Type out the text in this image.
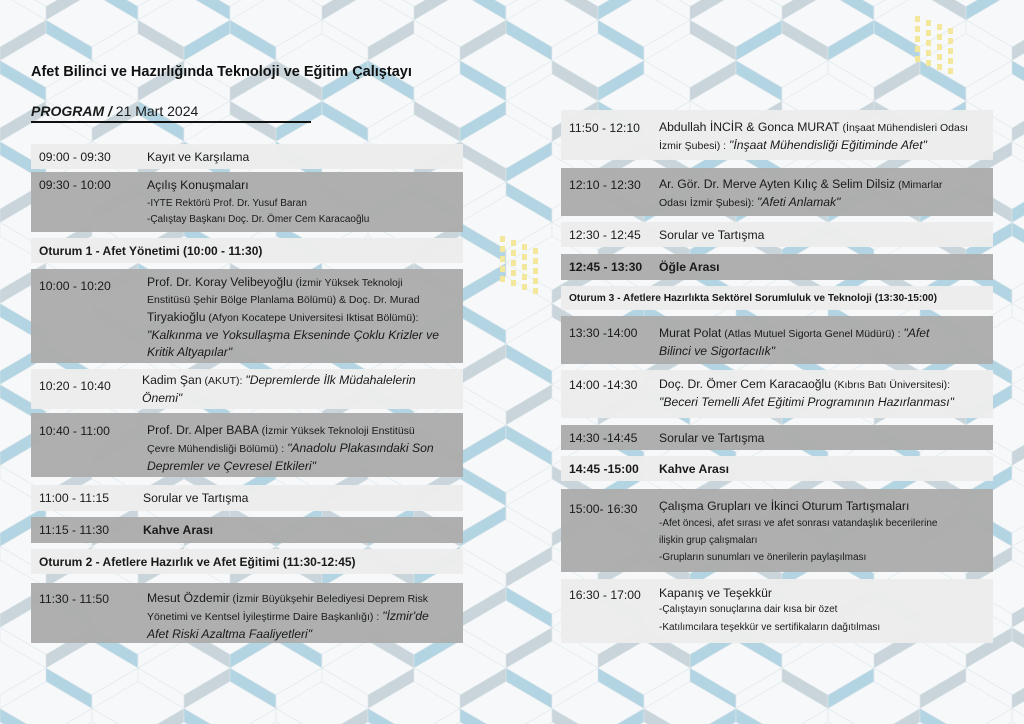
Afet Bilinci ve Hazırlığında Teknoloji ve Eğitim Çalıştayı
PROGRAM / 21 Mart 2024
09:00 - 09:30	Kayıt ve Karşılama
09:30 - 10:00	Açılış Konuşmaları
-IYTE Rektörü Prof. Dr. Yusuf Baran
-Çalıştay Başkanı Doç. Dr. Ömer Cem Karacaoğlu
Oturum 1 - Afet Yönetimi (10:00 - 11:30)
10:00 - 10:20	Prof. Dr. Koray Velibeyoğlu (İzmir Yüksek Teknoloji
Enstitüsü Şehir Bölge Planlama Bölümü) & Doç. Dr. Murad
Tiryakioğlu (Afyon Kocatepe Universitesi Iktisat Bölümü):
"Kalkınma ve Yoksullaşma Ekseninde Çoklu Krizler ve
Kritik Altyapılar"
10:20 - 10:40	Kadim Şan (AKUT): "Depremlerde İlk Müdahalelerin
Önemi"
10:40 - 11:00	Prof. Dr. Alper BABA (İzmir Yüksek Teknoloji Enstitüsü
Çevre Mühendisliği Bölümü) : "Anadolu Plakasındaki Son
Depremler ve Çevresel Etkileri"
11:00 - 11:15	Sorular ve Tartışma
11:15 - 11:30	Kahve Arası
Oturum 2 - Afetlere Hazırlık ve Afet Eğitimi (11:30-12:45)
11:30 - 11:50	Mesut Özdemir (İzmir Büyükşehir Belediyesi Deprem Risk
Yönetimi ve Kentsel İyileştirme Daire Başkanlığı) : "İzmir'de
Afet Riski Azaltma Faaliyetleri"
11:50 - 12:10 Abdullah İNCİR & Gonca MURAT (İnşaat Mühendisleri Odası
İzmir Şubesi) : "İnşaat Mühendisliği Eğitiminde Afet"
12:10 - 12:30 Ar. Gör. Dr. Merve Ayten Kılıç & Selim Dilsiz (Mimarlar
Odası İzmir Şubesi): "Afeti Anlamak"
12:30 - 12:45 Sorular ve Tartışma
12:45 - 13:30 Öğle Arası
Oturum 3 - Afetlere Hazırlıkta Sektörel Sorumluluk ve Teknoloji (13:30-15:00)
13:30 -14:00 Murat Polat (Atlas Mutuel Sigorta Genel Müdürü) : "Afet
Bilinci ve Sigortacılık"
14:00 -14:30 Doç. Dr. Ömer Cem Karacaoğlu (Kıbrıs Batı Üniversitesi):
"Beceri Temelli Afet Eğitimi Programının Hazırlanması"
14:30 -14:45 Sorular ve Tartışma
14:45 -15:00 Kahve Arası
15:00- 16:30 Çalışma Grupları ve İkinci Oturum Tartışmaları
-Afet öncesi, afet sırası ve afet sonrası vatandaşlık becerilerine
ilişkin grup çalışmaları
-Grupların sunumları ve önerilerin paylaşılması
16:30 - 17:00 Kapanış ve Teşekkür
-Çalıştayın sonuçlarına dair kısa bir özet
-Katılımcılara teşekkür ve sertifikaların dağıtılması
